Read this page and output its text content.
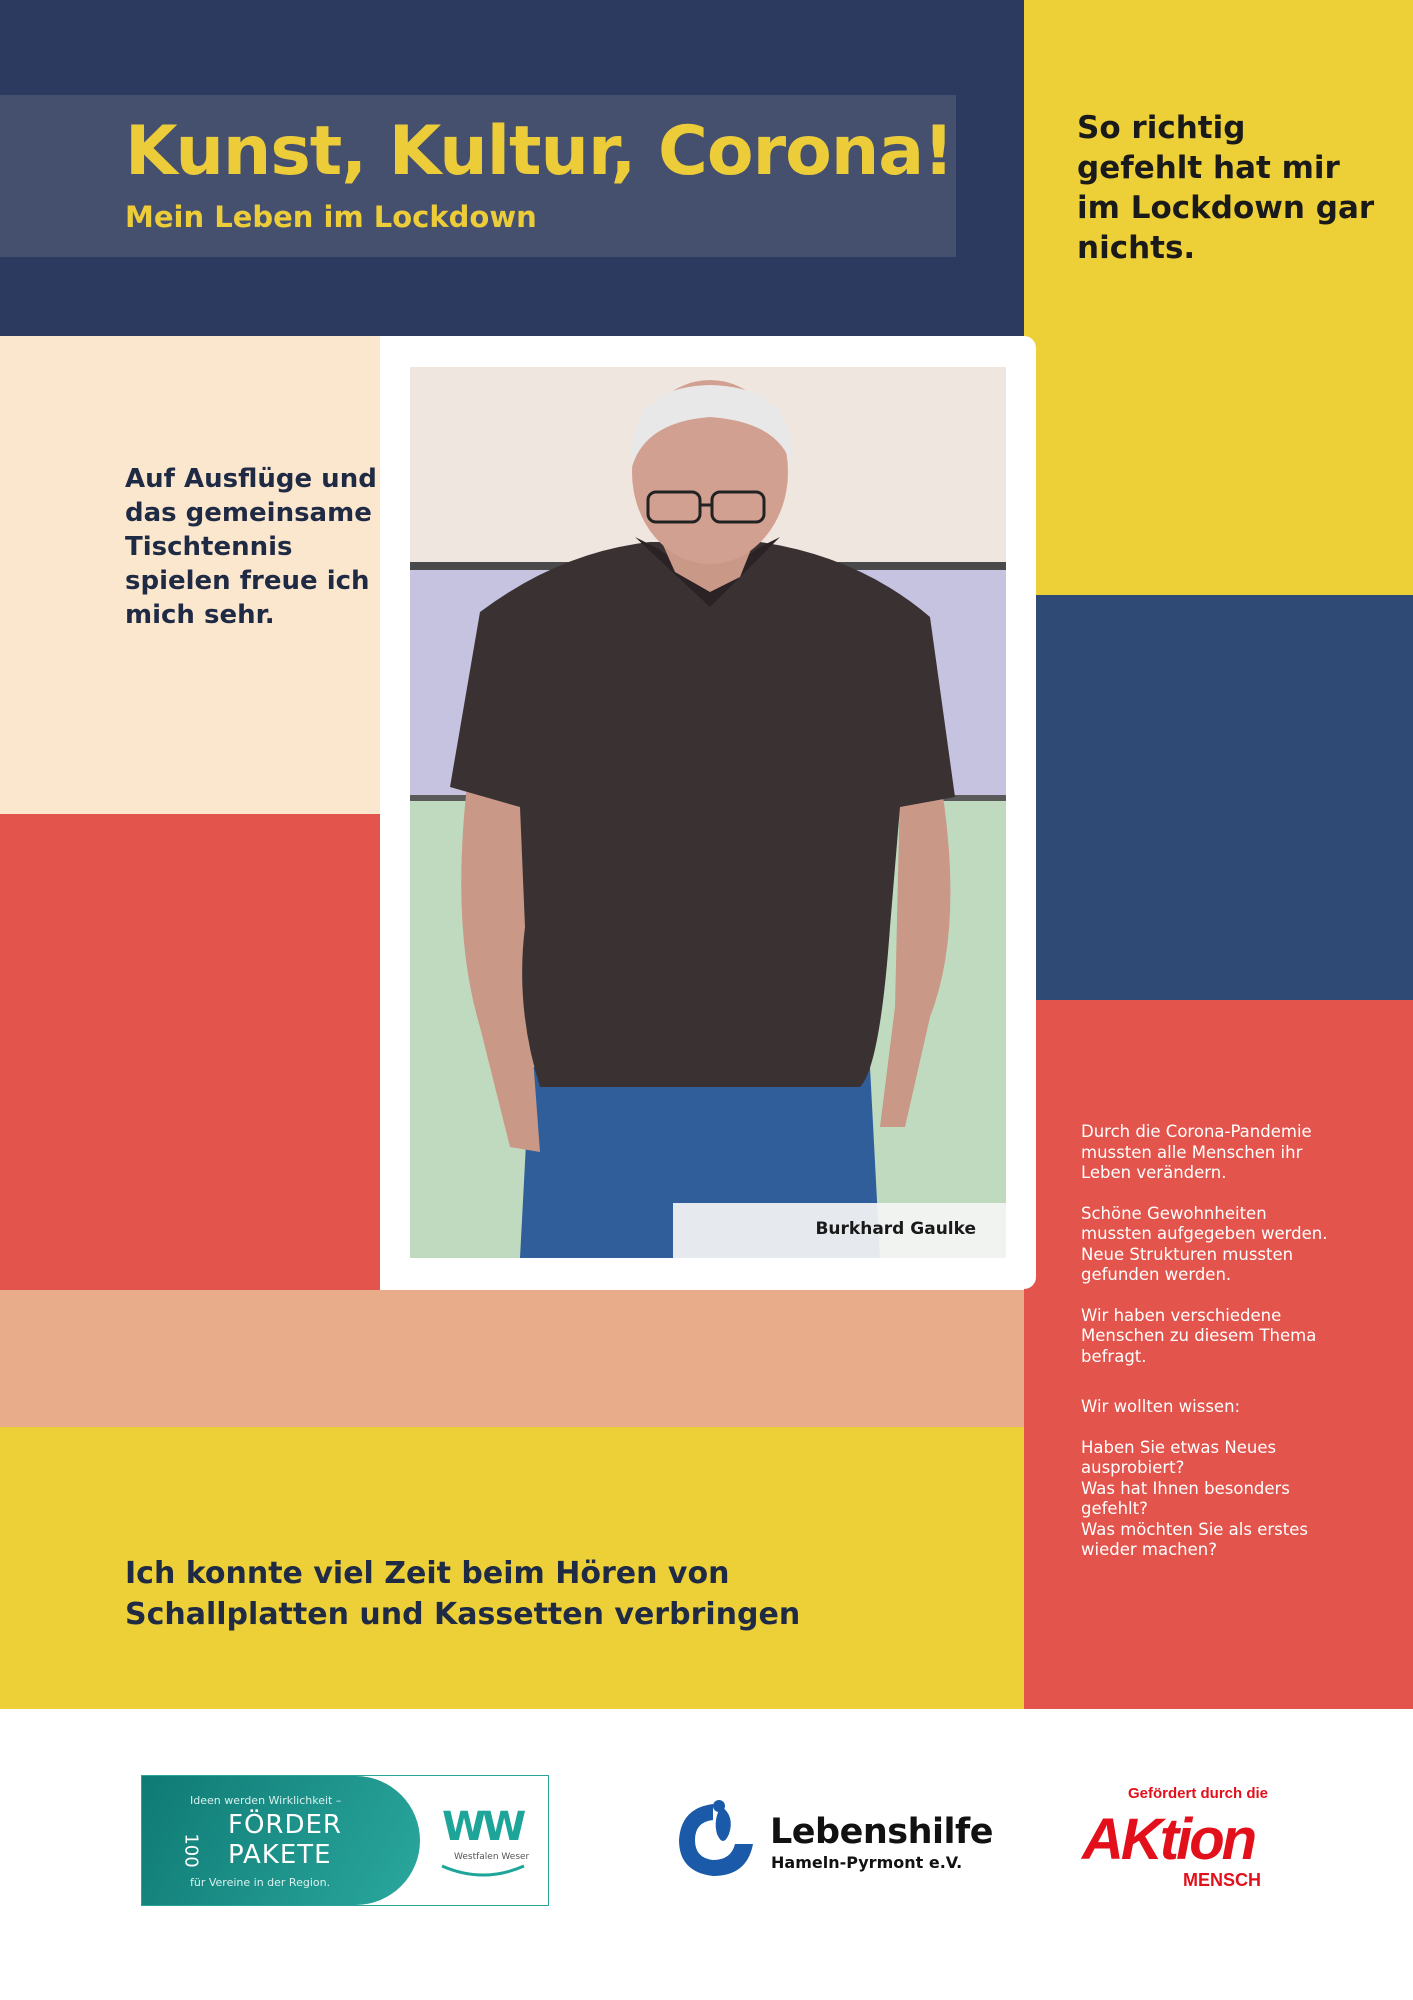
Kunst, Kultur, Corona!
Mein Leben im Lockdown
So richtig gefehlt hat mir im Lockdown gar nichts.
Auf Ausflüge und das gemeinsame Tischtennis spielen freue ich mich sehr.
Ich konnte viel Zeit beim Hören von Schallplatten und Kassetten verbringen
Burkhard Gaulke

Durch die Corona-Pandemie mussten alle Menschen ihr Leben verändern.

Schöne Gewohnheiten mussten aufgegeben werden.

Neue Strukturen mussten gefunden werden.

Wir haben verschiedene Menschen zu diesem Thema befragt.

Wir wollten wissen:

Haben Sie etwas Neues ausprobiert?

Was hat Ihnen besonders gefehlt?

Was möchten Sie als erstes wieder machen?

Ideen werden Wirklichkeit –
100
FÖRDER
PAKETE
für Vereine in der Region.
WW
Westfalen Weser
Lebenshilfe
Hameln-Pyrmont e.V.
Gefördert durch die
AKtion
MENSCH
